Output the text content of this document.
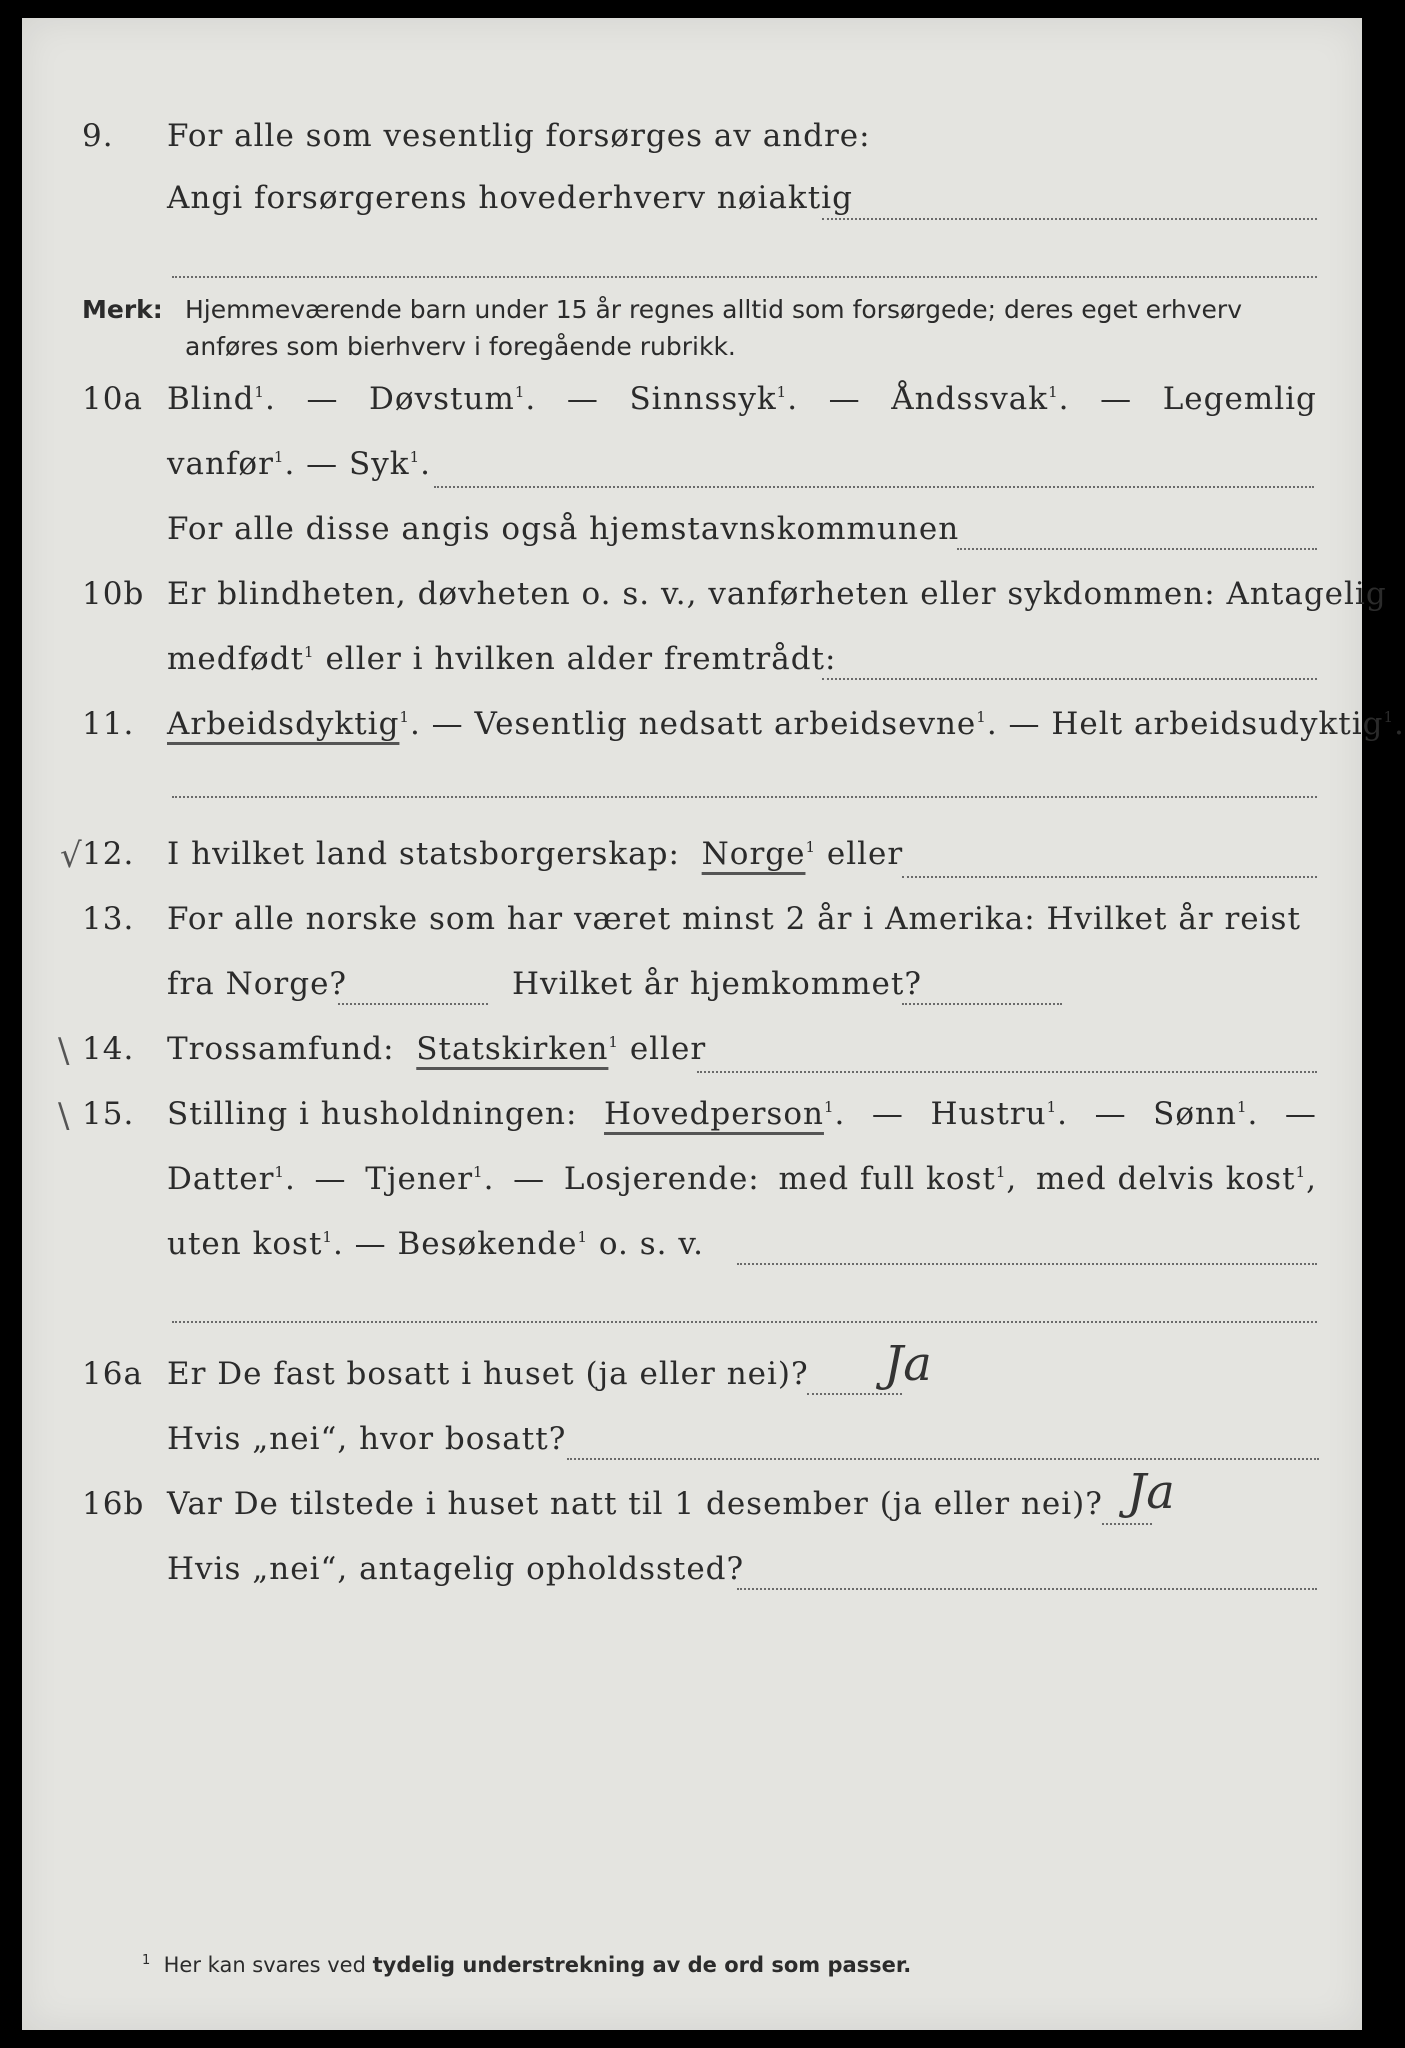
9. For alle som vesentlig forsørges av andre:
Angi forsørgerens hovederhverv nøiaktig
Merk: Hjemmeværende barn under 15 år regnes alltid som forsørgede; deres eget erhverv
anføres som bierhverv i foregående rubrikk.
10a Blind$^1$. — Døvstum$^1$. — Sinnssyk$^1$. — Åndssvak$^1$. — Legemlig
vanfør$^1$. — Syk$^1$.
For alle disse angis også hjemstavnskommunen
10b Er blindheten, døvheten o. s. v., vanførheten eller sykdommen: Antagelig
medfødt$^1$ eller i hvilken alder fremtrådt:
11. Arbeidsdyktig$^1$. — Vesentlig nedsatt arbeidsevne$^1$. — Helt arbeidsudyktig$^1$.
√ 12. I hvilket land statsborgerskap: Norge$^1$ eller
13. For alle norske som har været minst 2 år i Amerika: Hvilket år reist
fra Norge?	Hvilket år hjemkommet?
\ 14. Trossamfund: Statskirken$^1$ eller
\ 15. Stilling i husholdningen: Hovedperson$^1$. — Hustru$^1$. — Sønn$^1$. —
Datter$^1$. — Tjener$^1$. — Losjerende: med full kost$^1$, med delvis kost$^1$,
uten kost$^1$. — Besøkende$^1$ o. s. v.
16a Er De fast bosatt i huset (ja eller nei)? Ja
Hvis „nei“, hvor bosatt?
16b Var De tilstede i huset natt til 1 desember (ja eller nei)? Ja
Hvis „nei“, antagelig opholdssted?
$^1$ Her kan svares ved tydelig understrekning av de ord som passer.
